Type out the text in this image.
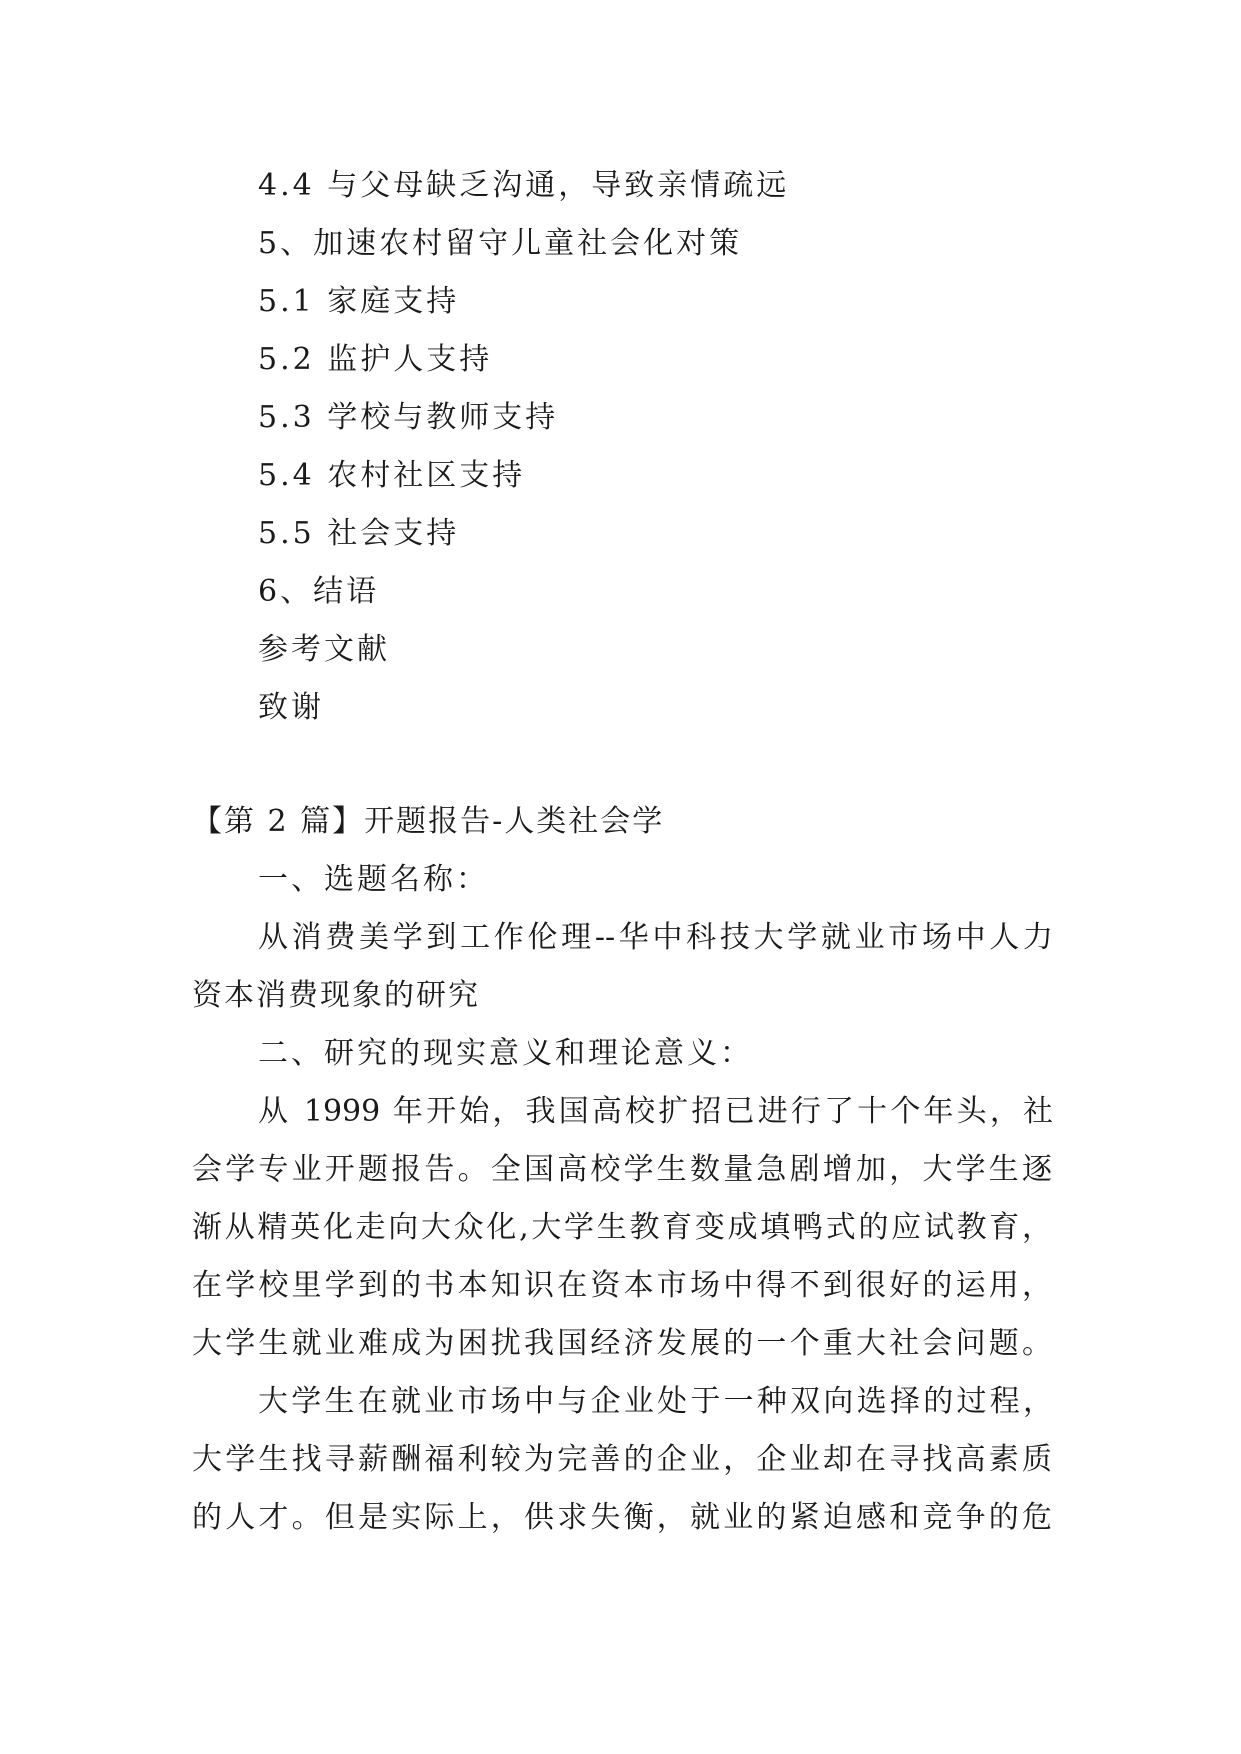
4.4 与父母缺乏沟通，导致亲情疏远
5、加速农村留守儿童社会化对策
5.1 家庭支持
5.2 监护人支持
5.3 学校与教师支持
5.4 农村社区支持
5.5 社会支持
6、结语
参考文献
致谢
【第 2 篇】开题报告-人类社会学
一、选题名称：
从消费美学到工作伦理--华中科技大学就业市场中人力
资本消费现象的研究
二、研究的现实意义和理论意义：
从 1999 年开始，我国高校扩招已进行了十个年头，社
会学专业开题报告。全国高校学生数量急剧增加，大学生逐
渐从精英化走向大众化,大学生教育变成填鸭式的应试教育，
在学校里学到的书本知识在资本市场中得不到很好的运用，
大学生就业难成为困扰我国经济发展的一个重大社会问题。
大学生在就业市场中与企业处于一种双向选择的过程，
大学生找寻薪酬福利较为完善的企业，企业却在寻找高素质
的人才。但是实际上，供求失衡，就业的紧迫感和竞争的危
